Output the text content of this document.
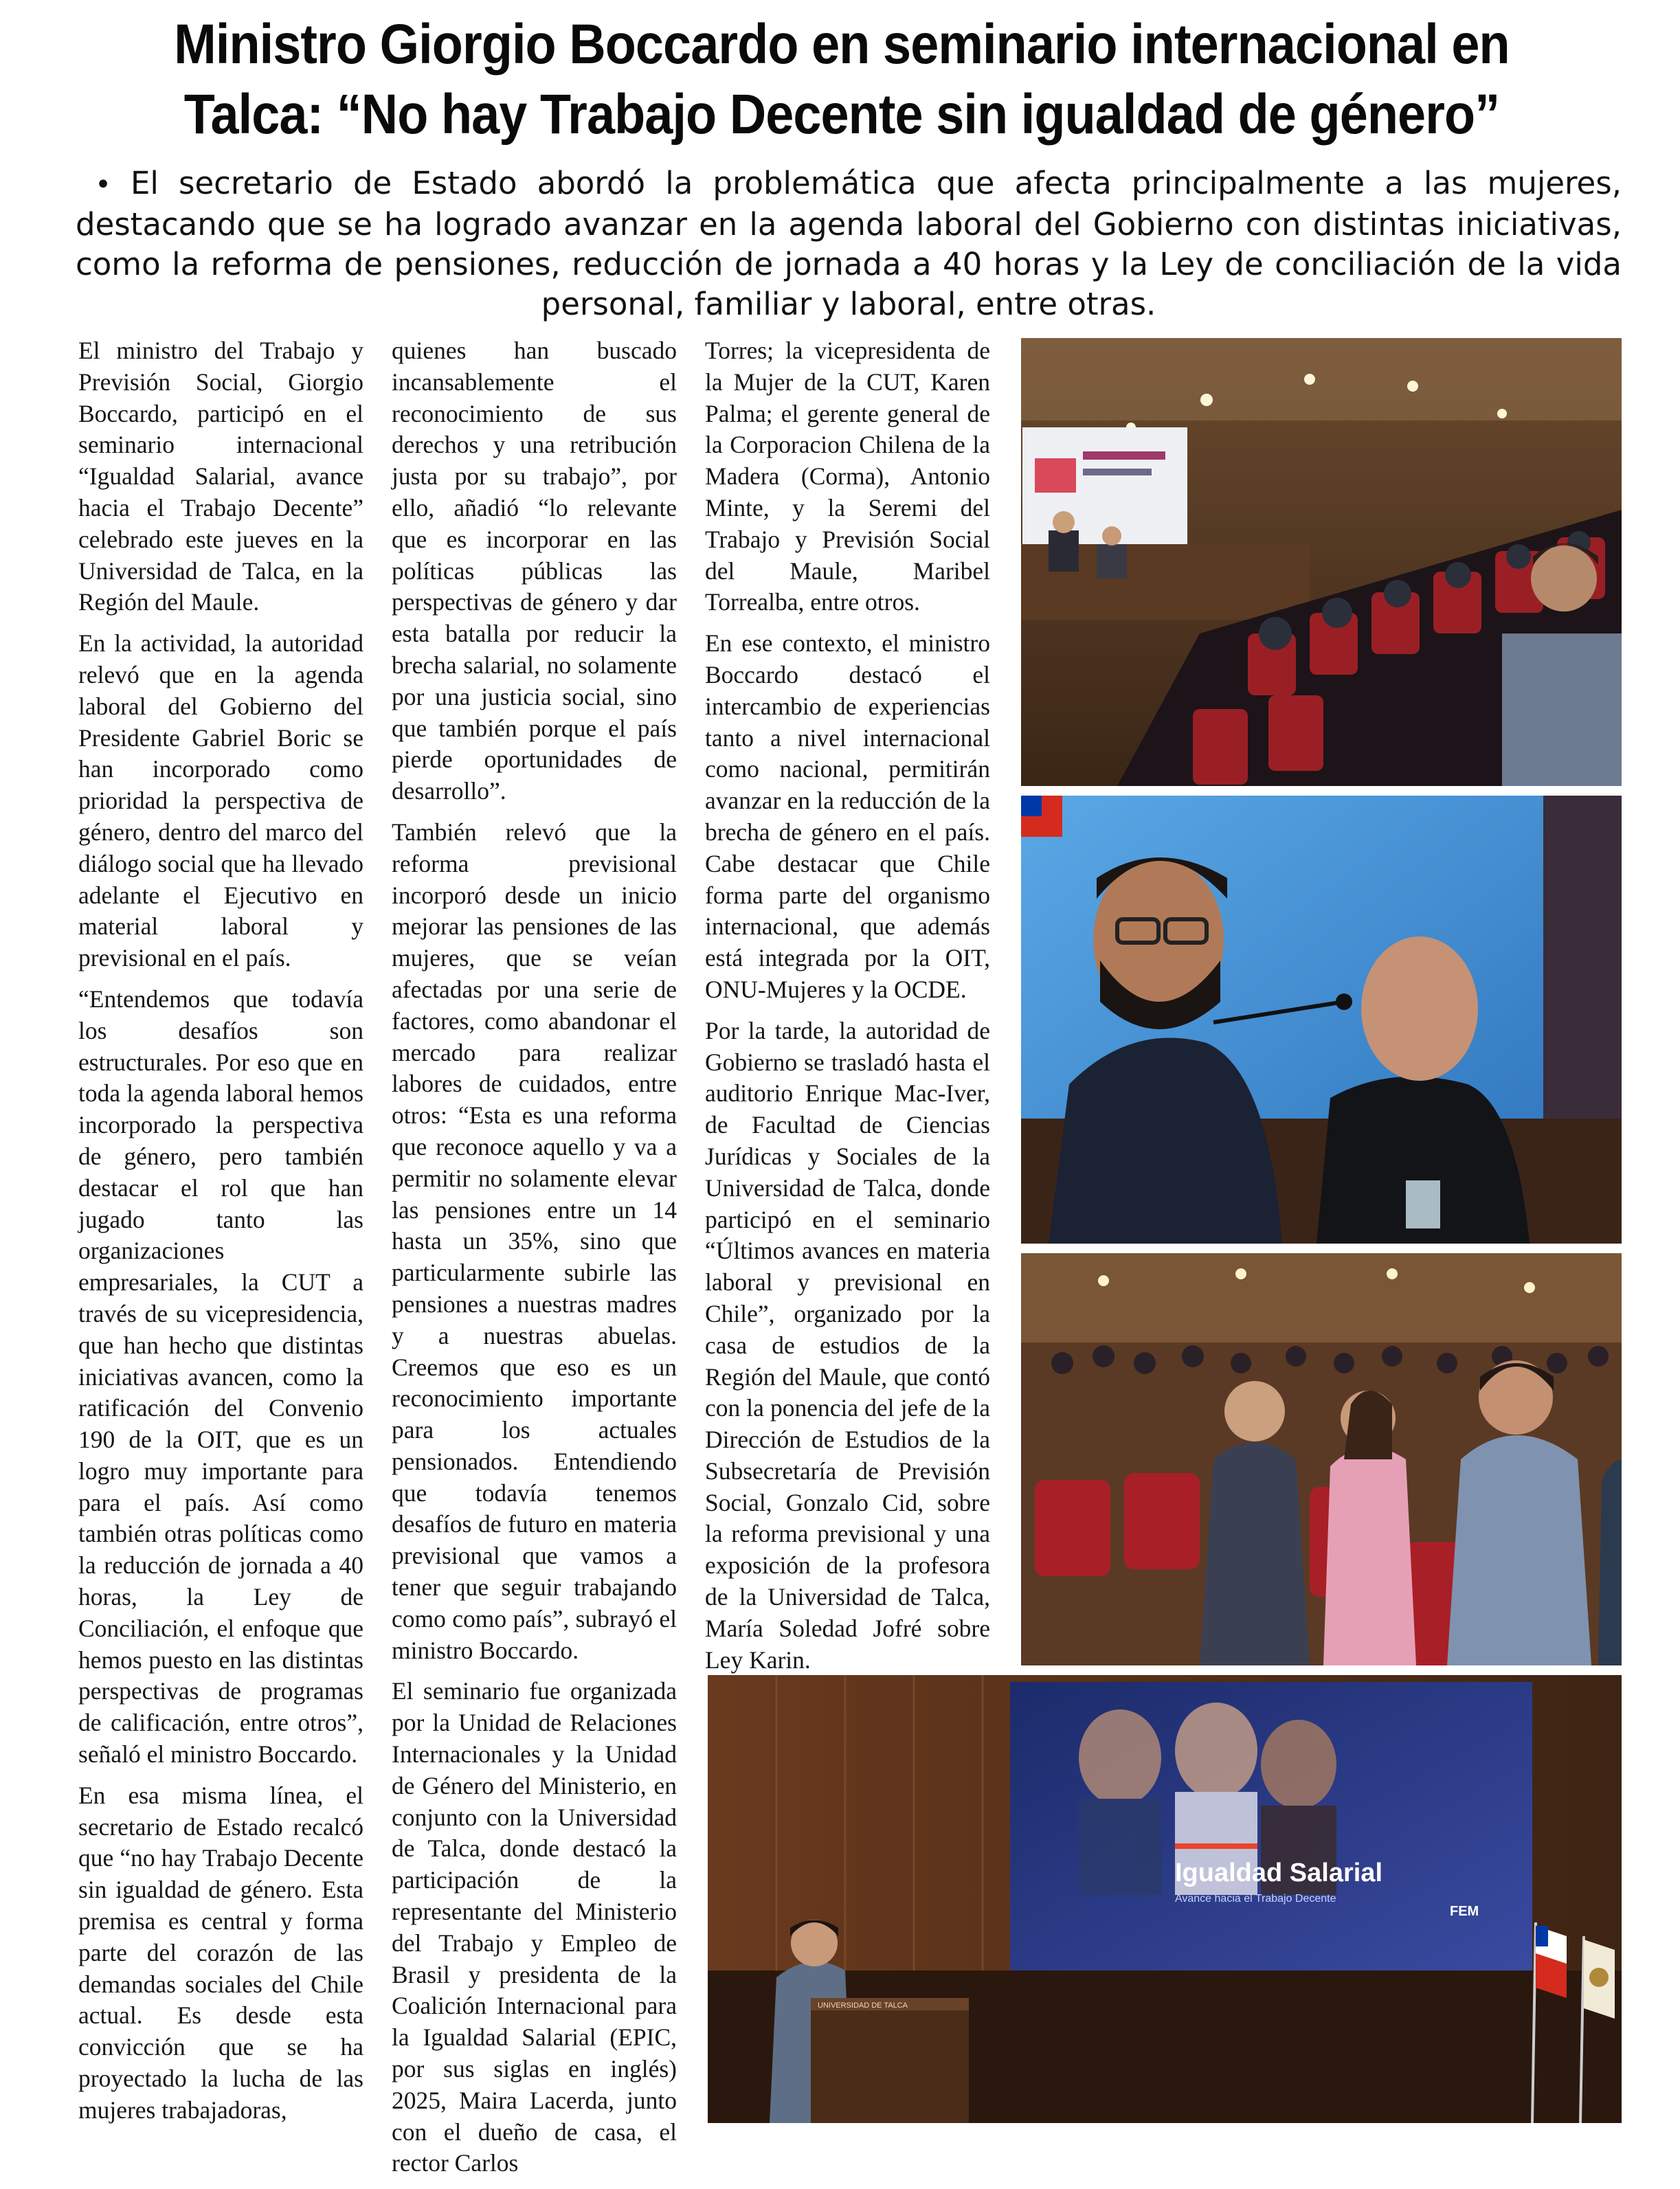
Ministro Giorgio Boccardo en seminario internacional en Talca: “No hay Trabajo Decente sin igualdad de género”

• El secretario de Estado abordó la problemática que afecta principalmente a las mujeres, destacando que se ha logrado avanzar en la agenda laboral del Gobierno con distintas iniciativas, como la reforma de pensiones, reducción de jornada a 40 horas y la Ley de conciliación de la vida personal, familiar y laboral, entre otras.

El ministro del Trabajo y Previsión Social, Giorgio Boccardo, participó en el seminario internacional “Igualdad Salarial, avance hacia el Trabajo Decente” celebrado este jueves en la Universidad de Talca, en la Región del Maule.

En la actividad, la autoridad relevó que en la agenda laboral del Gobierno del Presidente Gabriel Boric se han incorporado como prioridad la perspectiva de género, dentro del marco del diálogo social que ha llevado adelante el Ejecutivo en material laboral y previsional en el país.

“Entendemos que todavía los desafíos son estructurales. Por eso que en toda la agenda laboral hemos incorporado la perspectiva de género, pero también destacar el rol que han jugado tanto las organizaciones empresariales, la CUT a través de su vicepresidencia, que han hecho que distintas iniciativas avancen, como la ratificación del Convenio 190 de la OIT, que es un logro muy importante para para el país. Así como también otras políticas como la reducción de jornada a 40 horas, la Ley de Conciliación, el enfoque que hemos puesto en las distintas perspectivas de programas de calificación, entre otros”, señaló el ministro Boccardo.

En esa misma línea, el secretario de Estado recalcó que “no hay Trabajo Decente sin igualdad de género. Esta premisa es central y forma parte del corazón de las demandas sociales del Chile actual. Es desde esta convicción que se ha proyectado la lucha de las mujeres trabajadoras,

quienes han buscado incansablemente el reconocimiento de sus derechos y una retribución justa por su trabajo”, por ello, añadió “lo relevante que es incorporar en las políticas públicas las perspectivas de género y dar esta batalla por reducir la brecha salarial, no solamente por una justicia social, sino que también porque el país pierde oportunidades de desarrollo”.

También relevó que la reforma previsional incorporó desde un inicio mejorar las pensiones de las mujeres, que se veían afectadas por una serie de factores, como abandonar el mercado para realizar labores de cuidados, entre otros: “Esta es una reforma que reconoce aquello y va a permitir no solamente elevar las pensiones entre un 14 hasta un 35%, sino que particularmente subirle las pensiones a nuestras madres y a nuestras abuelas. Creemos que eso es un reconocimiento importante para los actuales pensionados. Entendiendo que todavía tenemos desafíos de futuro en materia previsional que vamos a tener que seguir trabajando como como país”, subrayó el ministro Boccardo.

El seminario fue organizada por la Unidad de Relaciones Internacionales y la Unidad de Género del Ministerio, en conjunto con la Universidad de Talca, donde destacó la participación de la representante del Ministerio del Trabajo y Empleo de Brasil y presidenta de la Coalición Internacional para la Igualdad Salarial (EPIC, por sus siglas en inglés) 2025, Maira Lacerda, junto con el dueño de casa, el rector Carlos

Torres; la vicepresidenta de la Mujer de la CUT, Karen Palma; el gerente general de la Corporacion Chilena de la Madera (Corma), Antonio Minte, y la Seremi del Trabajo y Previsión Social del Maule, Maribel Torrealba, entre otros.

En ese contexto, el ministro Boccardo destacó el intercambio de experiencias tanto a nivel internacional como nacional, permitirán avanzar en la reducción de la brecha de género en el país. Cabe destacar que Chile forma parte del organismo internacional, que además está integrada por la OIT, ONU-Mujeres y la OCDE.

Por la tarde, la autoridad de Gobierno se trasladó hasta el auditorio Enrique Mac-Iver, de Facultad de Ciencias Jurídicas y Sociales de la Universidad de Talca, donde participó en el seminario “Últimos avances en materia laboral y previsional en Chile”, organizado por la casa de estudios de la Región del Maule, que contó con la ponencia del jefe de la Dirección de Estudios de la Subsecretaría de Previsión Social, Gonzalo Cid, sobre la reforma previsional y una exposición de la profesora de la Universidad de Talca, María Soledad Jofré sobre Ley Karin.

Igualdad Salarial
Avance hacia el Trabajo Decente
FEM
UNIVERSIDAD DE TALCA
